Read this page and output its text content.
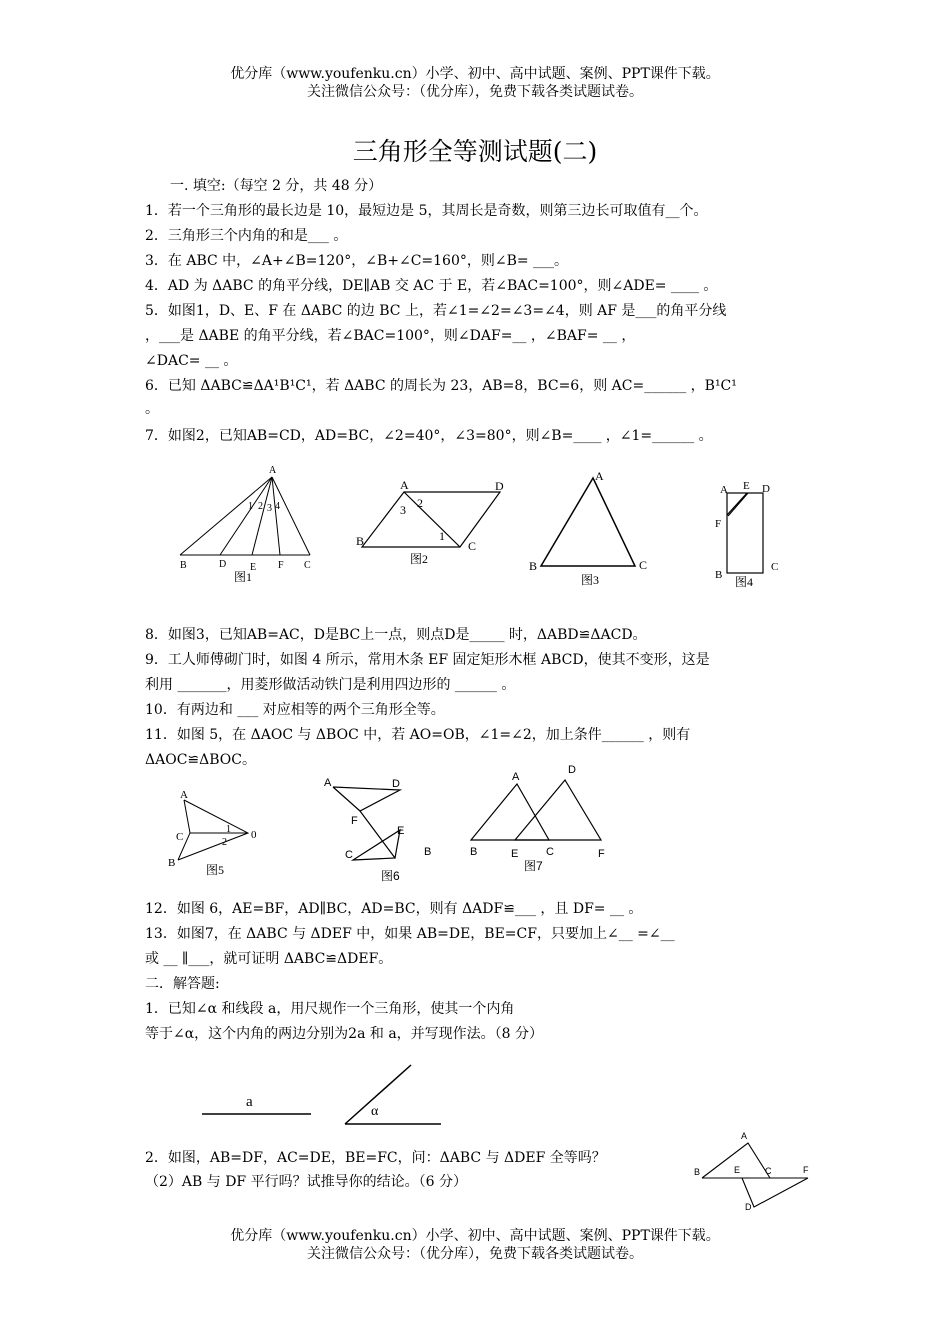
优分库（www.youfenku.cn）小学、初中、高中试题、案例、PPT课件下载。
关注微信公众号：（优分库），免费下载各类试题试卷。
三角形全等测试题(二)
一. 填空:（每空 2 分，共 48 分）
1．若一个三角形的最长边是 10，最短边是 5，其周长是奇数，则第三边长可取值有__个。
2．三角形三个内角的和是___ 。
3．在 ABC 中，∠A+∠B=120°，∠B+∠C=160°，则∠B= ___。
4．AD 为 ΔABC 的角平分线，DE∥AB 交 AC 于 E，若∠BAC=100°，则∠ADE= ____ 。
5．如图1，D、E、F 在 ΔABC 的边 BC 上，若∠1=∠2=∠3=∠4，则 AF 是___的角平分线
，___是 ΔABE 的角平分线，若∠BAC=100°，则∠DAF=__ ，∠BAF= __ ，
∠DAC= __ 。
6．已知 ΔABC≌ΔA¹B¹C¹，若 ΔABC 的周长为 23，AB=8，BC=6，则 AC=______ ，B¹C¹
。
7．如图2，已知AB=CD，AD=BC，∠2=40°，∠3=80°，则∠B=____ ，∠1=______ 。
A
1 2 3 4
B	D E F C
图1
A	D
B	C
2
3
1
图2
A
B	C
图3
A E D
F
B
C
图4
8．如图3，已知AB=AC，D是BC上一点，则点D是_____ 时，ΔABD≌ΔACD。
9．工人师傅砌门时，如图 4 所示，常用木条 EF 固定矩形木框 ABCD，使其不变形，这是
利用 _______，用菱形做活动铁门是利用四边形的 ______ 。
10．有两边和 ___ 对应相等的两个三角形全等。
11．如图 5，在 ΔAOC 与 ΔBOC 中，若 AO=OB，∠1=∠2，加上条件______ ，则有
ΔAOC≌ΔBOC。
A
C	0
B
1
2
图5
A	D
F
E
C	B
图6
A
D
B	E	C	F
图7
12．如图 6，AE=BF，AD∥BC，AD=BC，则有 ΔADF≌___ ，且 DF= __ 。
13．如图7，在 ΔABC 与 ΔDEF 中，如果 AB=DE，BE=CF，只要加上∠__ =∠__
或 __ ∥___，就可证明 ΔABC≌ΔDEF。
二．解答题:
1．已知∠α 和线段 a，用尺规作一个三角形，使其一个内角
等于∠α，这个内角的两边分别为2a 和 a，并写现作法。（8 分）
a
α
2．如图，AB=DF，AC=DE，BE=FC，问：ΔABC 与 ΔDEF 全等吗？
（2）AB 与 DF 平行吗？试推导你的结论。（6 分）
A
B	E	C	F
D
优分库（www.youfenku.cn）小学、初中、高中试题、案例、PPT课件下载。
关注微信公众号：（优分库），免费下载各类试题试卷。
